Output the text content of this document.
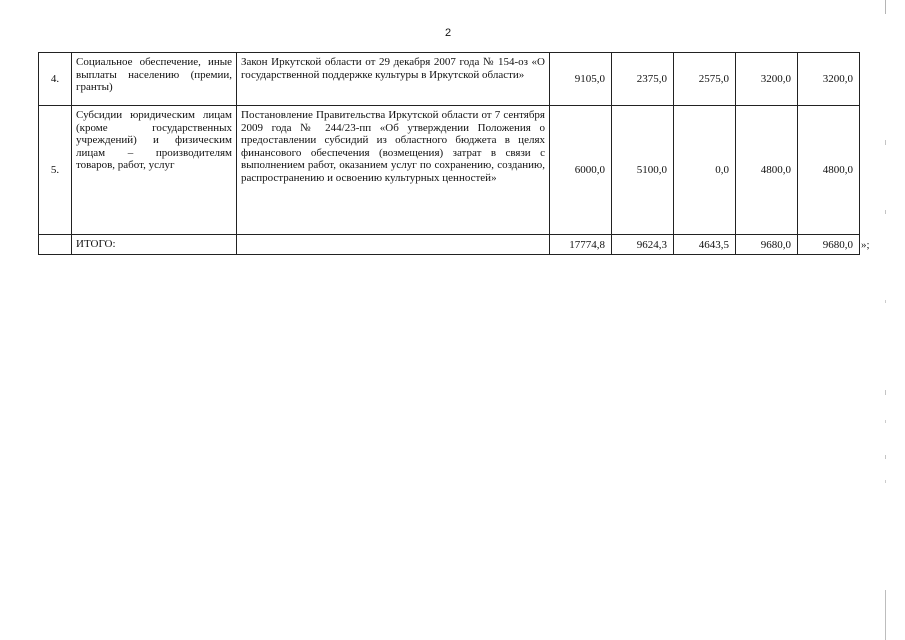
2
4.	Социальное обеспечение, иные выплаты населению (премии, гранты)	Закон Иркутской области от 29 декабря 2007 года № 154-оз «О государственной поддержке культуры в Иркутской области»	9105,0	2375,0	2575,0	3200,0	3200,0
5.	Субсидии юридическим лицам (кроме государственных учреждений) и физическим лицам – производителям товаров, работ, услуг	Постановление Правительства Иркутской области от 7 сентября 2009 года № 244/23-пп «Об утверждении Положения о предоставлении субсидий из областного бюджета в целях финансового обеспечения (возмещения) затрат в связи с выполнением работ, оказанием услуг по сохранению, созданию, распространению и освоению культурных ценностей»	6000,0	5100,0	0,0	4800,0	4800,0
	ИТОГО:		17774,8	9624,3	4643,5	9680,0	9680,0 »;
